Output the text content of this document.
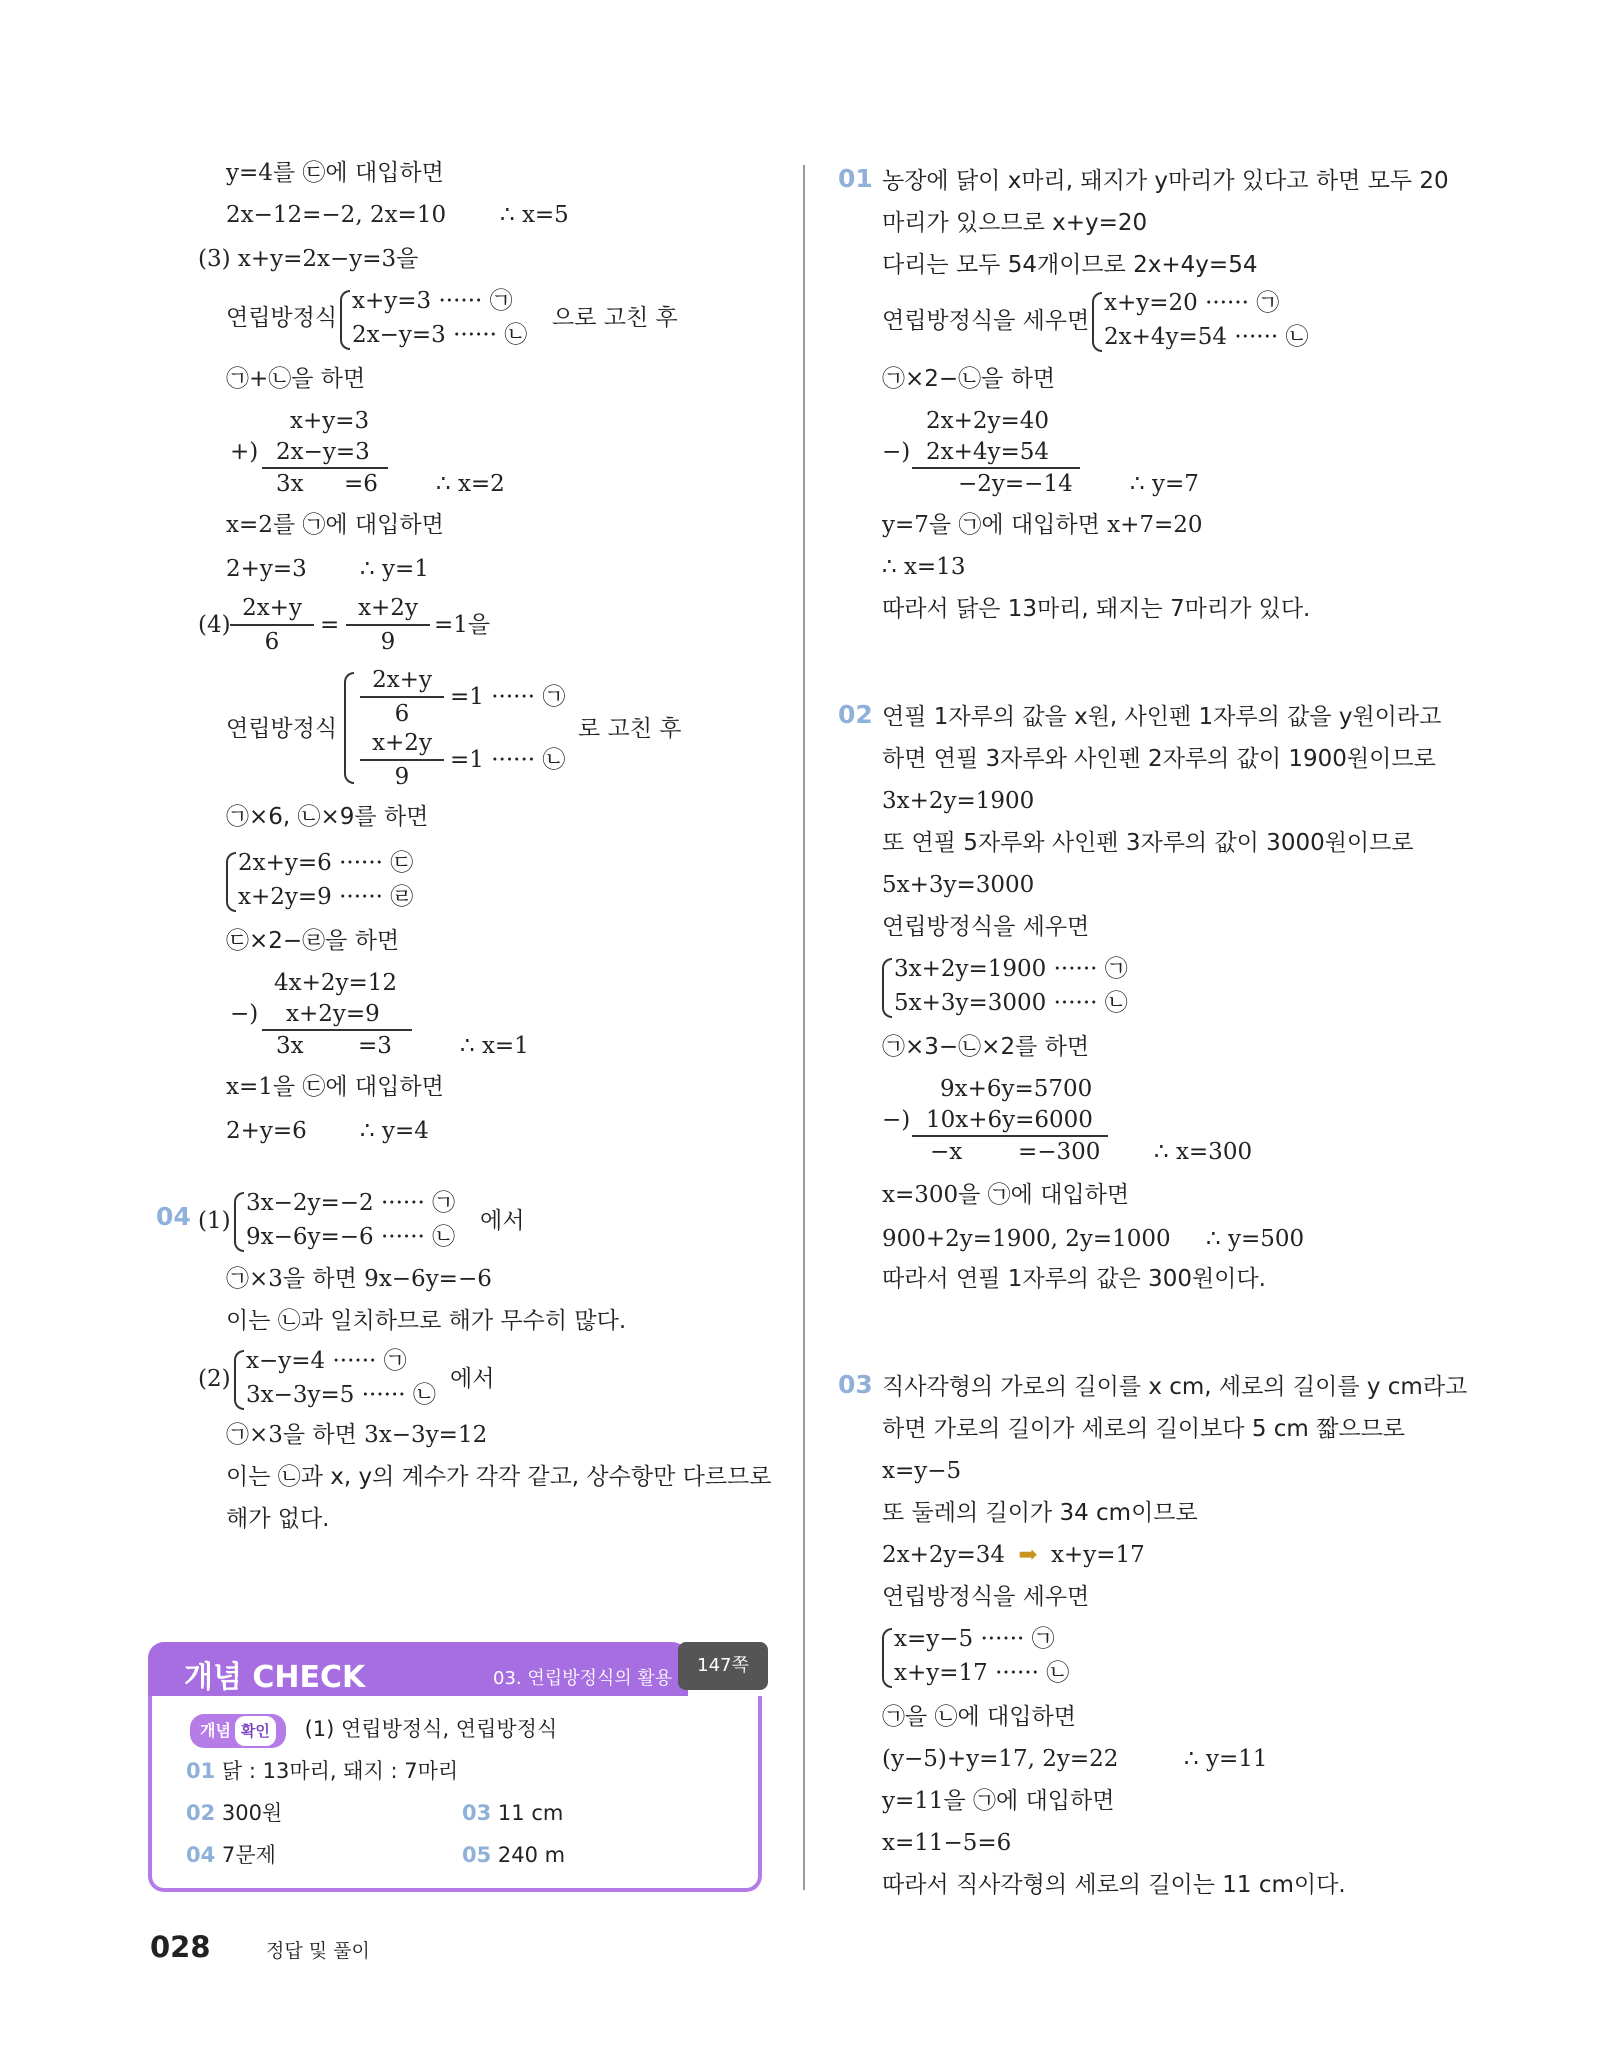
y=4를 ㉢에 대입하면
2x−12=−2, 2x=10 ∴ x=5
(3) x+y=2x−y=3을
연립방정식
x+y=3 ······ ㉠
2x−y=3 ······ ㉡
으로 고친 후
㉠+㉡을 하면
x+y=3
+) 2x−y=3
3x =6	∴ x=2
x=2를 ㉠에 대입하면
2+y=3 ∴ y=1
(4)
2x+y
6
=
x+2y
9
=1을
연립방정식
2x+y
6
=1 ······ ㉠
x+2y
9
=1 ······ ㉡
로 고친 후
㉠×6, ㉡×9를 하면
2x+y=6 ······ ㉢
x+2y=9 ······ ㉣
㉢×2−㉣을 하면
4x+2y=12
−) x+2y=9
3x =3	∴ x=1
x=1을 ㉢에 대입하면
2+y=6 ∴ y=4
04 (1)
3x−2y=−2 ······ ㉠
9x−6y=−6 ······ ㉡
에서
㉠×3을 하면 9x−6y=−6
이는 ㉡과 일치하므로 해가 무수히 많다.
(2)
x−y=4 ······ ㉠
3x−3y=5 ······ ㉡
에서
㉠×3을 하면 3x−3y=12
이는 ㉡과 x, y의 계수가 각각 같고, 상수항만 다르므로
해가 없다.
개념 CHECK	03. 연립방정식의 활용
147쪽
개념 확인 (1) 연립방정식, 연립방정식
01 닭 : 13마리, 돼지 : 7마리
02 300원	03 11 cm
04 7문제	05 240 m
01 농장에 닭이 x마리, 돼지가 y마리가 있다고 하면 모두 20
마리가 있으므로 x+y=20
다리는 모두 54개이므로 2x+4y=54
연립방정식을 세우면
x+y=20 ······ ㉠
2x+4y=54 ······ ㉡
㉠×2−㉡을 하면
2x+2y=40
−) 2x+4y=54
−2y=−14 ∴ y=7
y=7을 ㉠에 대입하면 x+7=20
∴ x=13
따라서 닭은 13마리, 돼지는 7마리가 있다.
02 연필 1자루의 값을 x원, 사인펜 1자루의 값을 y원이라고
하면 연필 3자루와 사인펜 2자루의 값이 1900원이므로
3x+2y=1900
또 연필 5자루와 사인펜 3자루의 값이 3000원이므로
5x+3y=3000
연립방정식을 세우면
3x+2y=1900 ······ ㉠
5x+3y=3000 ······ ㉡
㉠×3−㉡×2를 하면
9x+6y=5700
−) 10x+6y=6000
−x =−300 ∴ x=300
x=300을 ㉠에 대입하면
900+2y=1900, 2y=1000 ∴ y=500
따라서 연필 1자루의 값은 300원이다.
03 직사각형의 가로의 길이를 x cm, 세로의 길이를 y cm라고
하면 가로의 길이가 세로의 길이보다 5 cm 짧으므로
x=y−5
또 둘레의 길이가 34 cm이므로
2x+2y=34 ➡ x+y=17
연립방정식을 세우면
x=y−5 ······ ㉠
x+y=17 ······ ㉡
㉠을 ㉡에 대입하면
(y−5)+y=17, 2y=22	∴ y=11
y=11을 ㉠에 대입하면
x=11−5=6
따라서 직사각형의 세로의 길이는 11 cm이다.
028	정답 및 풀이
